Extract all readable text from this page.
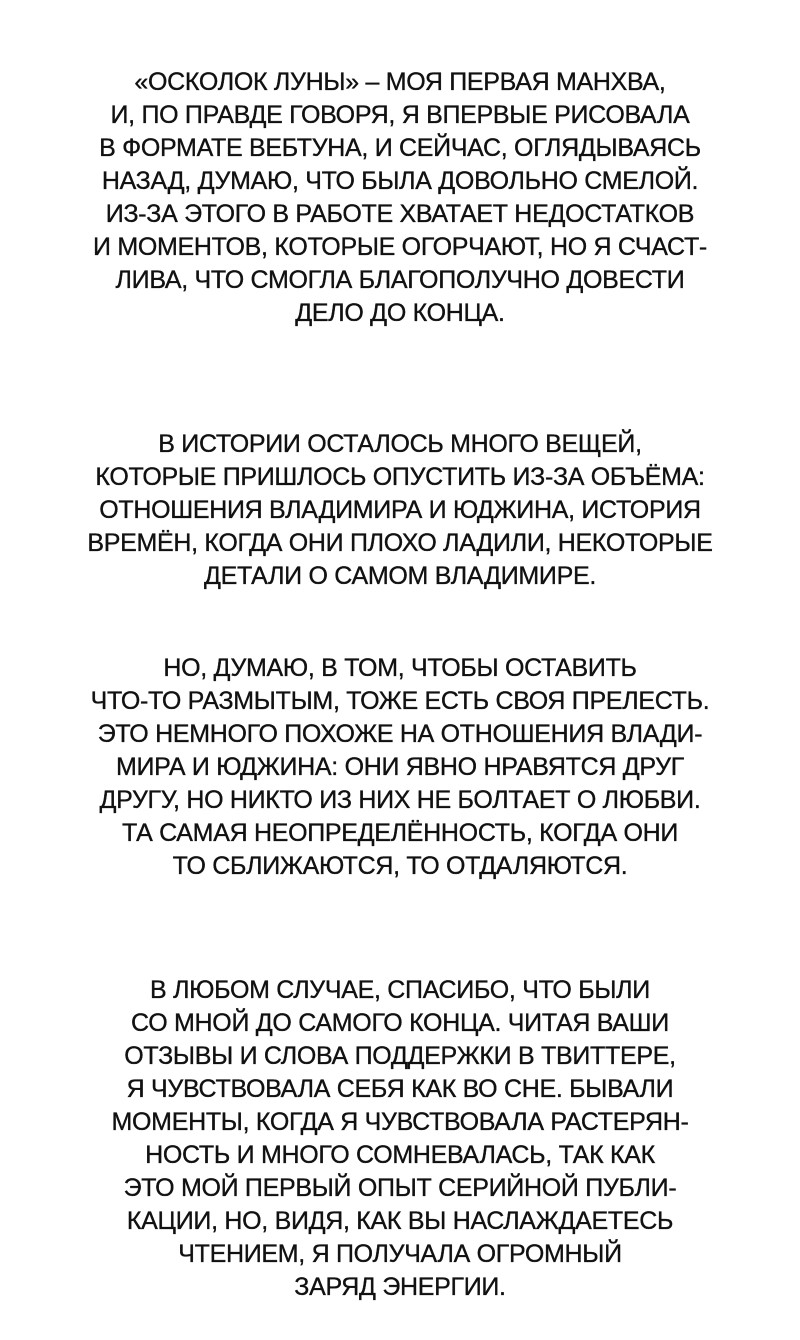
«ОСКОЛОК ЛУНЫ» – МОЯ ПЕРВАЯ МАНХВА,
И, ПО ПРАВДЕ ГОВОРЯ, Я ВПЕРВЫЕ РИСОВАЛА
В ФОРМАТЕ ВЕБТУНА, И СЕЙЧАС, ОГЛЯДЫВАЯСЬ
НАЗАД, ДУМАЮ, ЧТО БЫЛА ДОВОЛЬНО СМЕЛОЙ.
ИЗ-ЗА ЭТОГО В РАБОТЕ ХВАТАЕТ НЕДОСТАТКОВ
И МОМЕНТОВ, КОТОРЫЕ ОГОРЧАЮТ, НО Я СЧАСТ-
ЛИВА, ЧТО СМОГЛА БЛАГОПОЛУЧНО ДОВЕСТИ
ДЕЛО ДО КОНЦА.
В ИСТОРИИ ОСТАЛОСЬ МНОГО ВЕЩЕЙ,
КОТОРЫЕ ПРИШЛОСЬ ОПУСТИТЬ ИЗ-ЗА ОБЪЁМА:
ОТНОШЕНИЯ ВЛАДИМИРА И ЮДЖИНА, ИСТОРИЯ
ВРЕМЁН, КОГДА ОНИ ПЛОХО ЛАДИЛИ, НЕКОТОРЫЕ
ДЕТАЛИ О САМОМ ВЛАДИМИРЕ.
НО, ДУМАЮ, В ТОМ, ЧТОБЫ ОСТАВИТЬ
ЧТО-ТО РАЗМЫТЫМ, ТОЖЕ ЕСТЬ СВОЯ ПРЕЛЕСТЬ.
ЭТО НЕМНОГО ПОХОЖЕ НА ОТНОШЕНИЯ ВЛАДИ-
МИРА И ЮДЖИНА: ОНИ ЯВНО НРАВЯТСЯ ДРУГ
ДРУГУ, НО НИКТО ИЗ НИХ НЕ БОЛТАЕТ О ЛЮБВИ.
ТА САМАЯ НЕОПРЕДЕЛЁННОСТЬ, КОГДА ОНИ
ТО СБЛИЖАЮТСЯ, ТО ОТДАЛЯЮТСЯ.
В ЛЮБОМ СЛУЧАЕ, СПАСИБО, ЧТО БЫЛИ
СО МНОЙ ДО САМОГО КОНЦА. ЧИТАЯ ВАШИ
ОТЗЫВЫ И СЛОВА ПОДДЕРЖКИ В ТВИТТЕРЕ,
Я ЧУВСТВОВАЛА СЕБЯ КАК ВО СНЕ. БЫВАЛИ
МОМЕНТЫ, КОГДА Я ЧУВСТВОВАЛА РАСТЕРЯН-
НОСТЬ И МНОГО СОМНЕВАЛАСЬ, ТАК КАК
ЭТО МОЙ ПЕРВЫЙ ОПЫТ СЕРИЙНОЙ ПУБЛИ-
КАЦИИ, НО, ВИДЯ, КАК ВЫ НАСЛАЖДАЕТЕСЬ
ЧТЕНИЕМ, Я ПОЛУЧАЛА ОГРОМНЫЙ
ЗАРЯД ЭНЕРГИИ.
